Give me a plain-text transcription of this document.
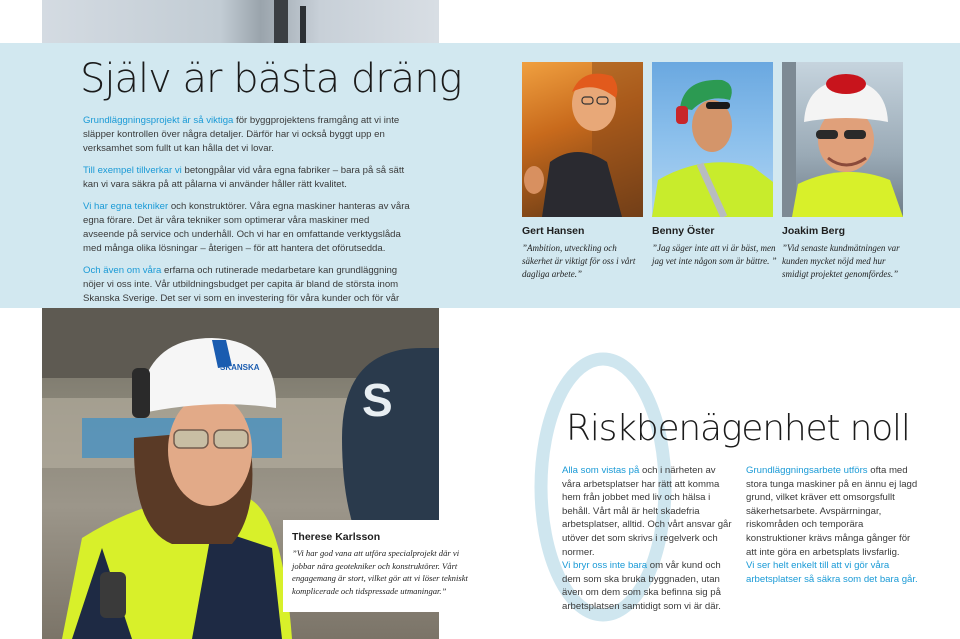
Själv är bästa dräng

Grundläggningsprojekt är så viktiga för byggprojektens framgång att vi inte släpper kontrollen över några detaljer. Därför har vi också byggt upp en verksamhet som fullt ut kan hålla det vi lovar.

Till exempel tillverkar vi betongpålar vid våra egna fabriker – bara på så sätt kan vi vara säkra på att pålarna vi använder håller rätt kvalitet.

Vi har egna tekniker och konstruktörer. Våra egna maskiner hanteras av våra egna förare. Det är våra tekniker som optimerar våra maskiner med avseende på service och underhåll. Och vi har en omfattande verktygslåda med många olika lösningar – återigen – för att hantera det oförutsedda.

Och även om våra erfarna och rutinerade medarbetare kan grundläggning nöjer vi oss inte. Vår utbildningsbudget per capita är bland de största inom Skanska Sverige. Det ser vi som en investering för våra kunder och för vår

Gert Hansen
”Ambition, utveckling och säkerhet är viktigt för oss i vårt dagliga arbete.”
Benny Öster
”Jag säger inte att vi är bäst, men jag vet inte någon som är bättre. ”
Joakim Berg
”Vid senaste kundmätningen var kunden mycket nöjd med hur smidigt projektet genomfördes.”
S
SKANSKA
Therese Karlsson
”Vi har god vana att utföra specialprojekt där vi jobbar nära geotekniker och konstruktörer. Vårt engagemang är stort, vilket gör att vi löser tekniskt komplicerade och tidspressade utmaningar.”
Riskbenägenhet noll

Alla som vistas på och i närheten av våra arbetsplatser har rätt att komma hem från jobbet med liv och hälsa i behåll. Vårt mål är helt skadefria arbetsplatser, alltid. Och vårt ansvar går utöver det som skrivs i regelverk och normer.

Vi bryr oss inte bara om vår kund och dem som ska bruka byggnaden, utan även om dem som ska befinna sig på arbetsplatsen samtidigt som vi är där.

Grundläggningsarbete utförs ofta med stora tunga maskiner på en ännu ej lagd grund, vilket kräver ett omsorgsfullt säkerhetsarbete. Avspärrningar, riskområden och temporära konstruktioner krävs många gånger för att inte göra en arbetsplats livsfarlig.

Vi ser helt enkelt till att vi gör våra arbetsplatser så säkra som det bara går.
